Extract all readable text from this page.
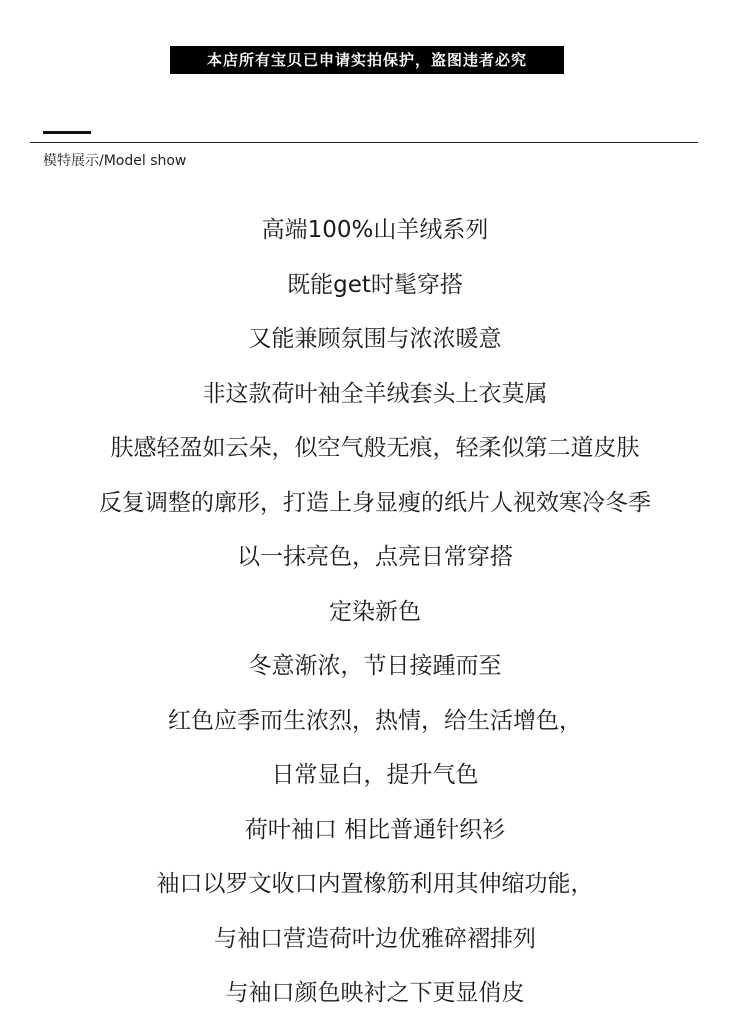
本店所有宝贝已申请实拍保护，盗图违者必究
模特展示/Model show
高端100%山羊绒系列
既能get时髦穿搭
又能兼顾氛围与浓浓暖意
非这款荷叶袖全羊绒套头上衣莫属
肤感轻盈如云朵，似空气般无痕，轻柔似第二道皮肤
反复调整的廓形，打造上身显瘦的纸片人视效寒冷冬季
以一抹亮色，点亮日常穿搭
定染新色
冬意渐浓，节日接踵而至
红色应季而生浓烈，热情，给生活增色，
日常显白，提升气色
荷叶袖口 相比普通针织衫
袖口以罗文收口内置橡筋利用其伸缩功能，
与袖口营造荷叶边优雅碎褶排列
与袖口颜色映衬之下更显俏皮
